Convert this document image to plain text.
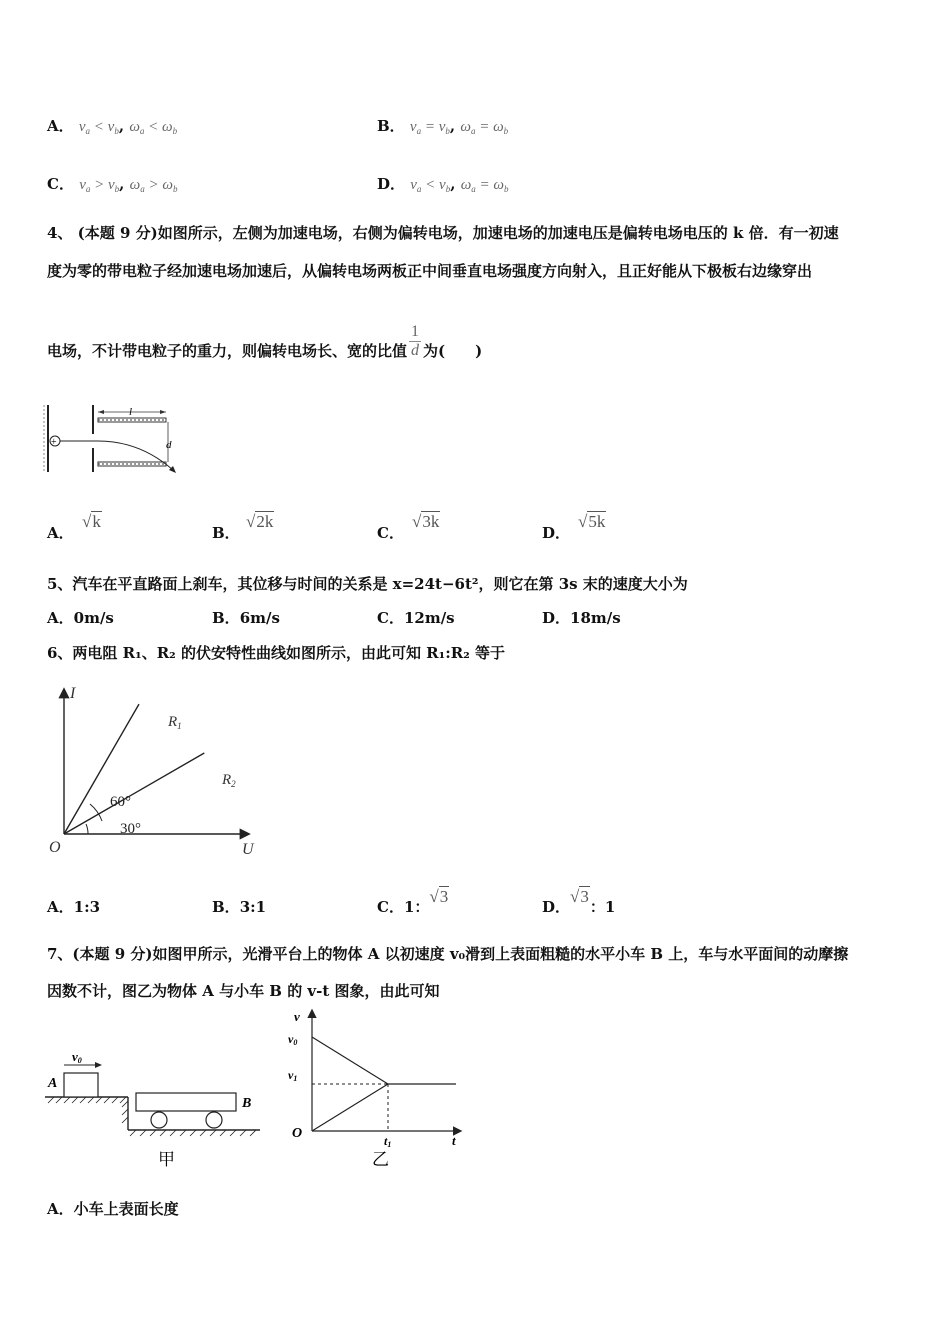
A． $v_a < v_b$, $\omega_a < \omega_b$	B． $v_a = v_b$, $\omega_a = \omega_b$
C． $v_a > v_b$, $\omega_a > \omega_b$	D． $v_a < v_b$, $\omega_a = \omega_b$
4、 (本题 9 分)如图所示，左侧为加速电场，右侧为偏转电场，加速电场的加速电压是偏转电场电压的 k 倍．有一初速
度为零的带电粒子经加速电场加速后，从偏转电场两板正中间垂直电场强度方向射入，且正好能从下极板右边缘穿出
电场，不计带电粒子的重力，则偏转电场长、宽的比值 $\frac{1}{d}$ 为(　　)
l
d
+
A．
√k
B．
√2k
C．
√3k
D．
√5k
5、汽车在平直路面上刹车，其位移与时间的关系是 x=24t−6t²，则它在第 3s 末的速度大小为
A．0m/s	B．6m/s	C．12m/s	D．18m/s
6、两电阻 R₁、R₂ 的伏安特性曲线如图所示，由此可知 R₁:R₂ 等于
I
U
O
$R_1$
$R_2$
60°
30°
A．1:3	B．3:1	C．1：√3
D．√3：1
7、(本题 9 分)如图甲所示，光滑平台上的物体 A 以初速度 v₀滑到上表面粗糙的水平小车 B 上，车与水平面间的动摩擦
因数不计，图乙为物体 A 与小车 B 的 v-t 图象，由此可知
A
v0
B
甲
v
t
O
v0
v1
t1
乙
A．小车上表面长度
